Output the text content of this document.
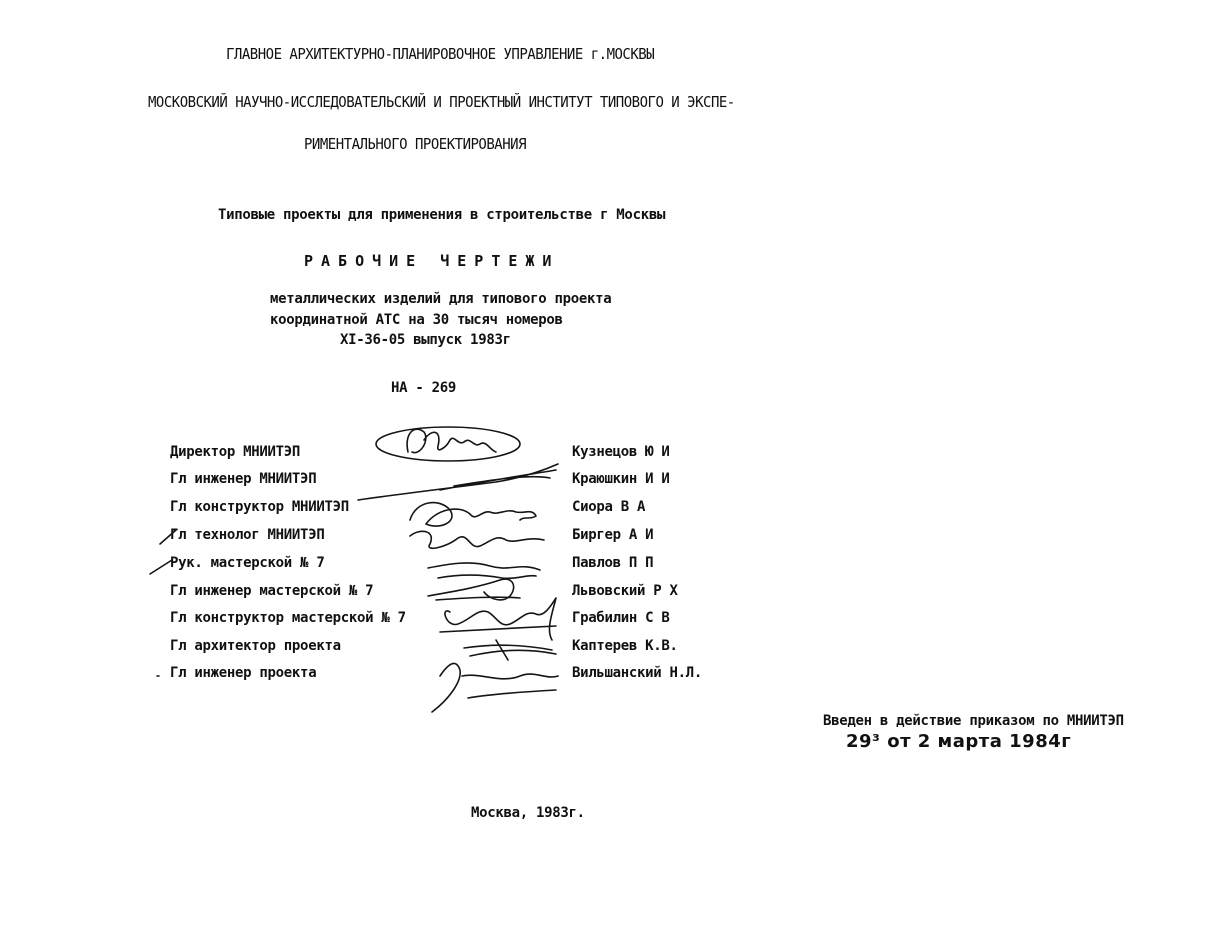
ГЛАВНОЕ АРХИТЕКТУРНО-ПЛАНИРОВОЧНОЕ УПРАВЛЕНИЕ г.МОСКВЫ
МОСКОВСКИЙ НАУЧНО-ИССЛЕДОВАТЕЛЬСКИЙ И ПРОЕКТНЫЙ ИНСТИТУТ ТИПОВОГО И ЭКСПЕ-
РИМЕНТАЛЬНОГО ПРОЕКТИРОВАНИЯ
Типовые проекты для применения в строительстве г Москвы
РАБОЧИЕ ЧЕРТЕЖИ
металлических изделий для типового проекта
координатной АТС на 30 тысяч номеров
XI-36-05 выпуск 1983г
НА - 269
Директор МНИИТЭП
Гл инженер МНИИТЭП
Гл конструктор МНИИТЭП
Гл технолог МНИИТЭП
Рук. мастерской № 7
Гл инженер мастерской № 7
Гл конструктор мастерской № 7
Гл архитектор проекта
Гл инженер проекта
Кузнецов Ю И
Краюшкин И И
Сиора В А
Биргер А И
Павлов П П
Львовский Р Х
Грабилин С В
Каптерев К.В.
Вильшанский Н.Л.
Введен в действие приказом по МНИИТЭП
29³ от 2 марта 1984г
Москва, 1983г.
